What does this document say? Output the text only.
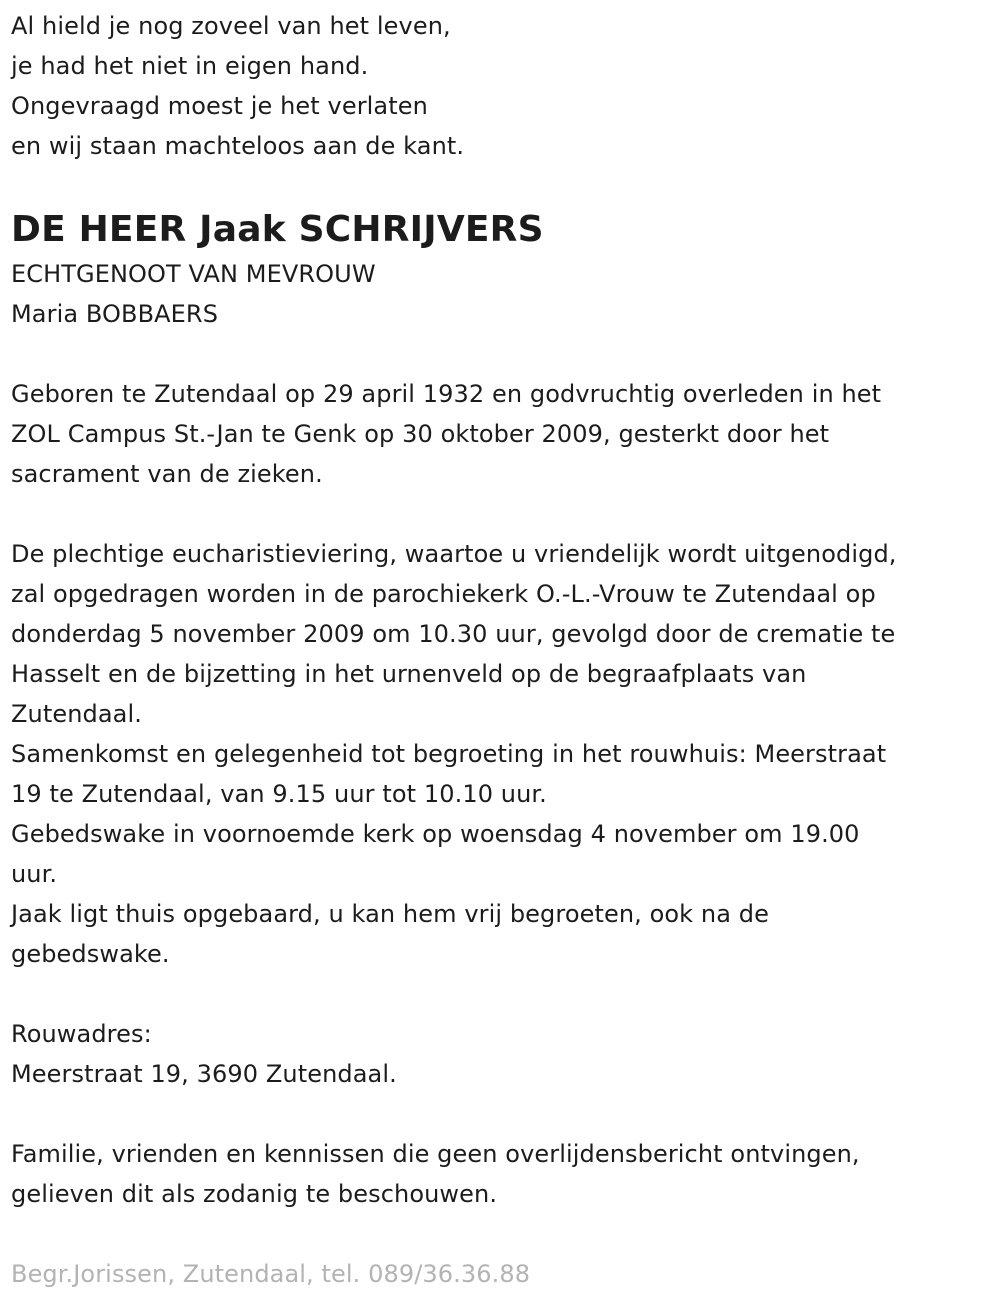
Al hield je nog zoveel van het leven,
je had het niet in eigen hand.
Ongevraagd moest je het verlaten
en wij staan machteloos aan de kant.
DE HEER Jaak SCHRIJVERS
ECHTGENOOT VAN MEVROUW
Maria BOBBAERS
Geboren te Zutendaal op 29 april 1932 en godvruchtig overleden in het
ZOL Campus St.-Jan te Genk op 30 oktober 2009, gesterkt door het
sacrament van de zieken.
De plechtige eucharistieviering, waartoe u vriendelijk wordt uitgenodigd,
zal opgedragen worden in de parochiekerk O.-L.-Vrouw te Zutendaal op
donderdag 5 november 2009 om 10.30 uur, gevolgd door de crematie te
Hasselt en de bijzetting in het urnenveld op de begraafplaats van
Zutendaal.
Samenkomst en gelegenheid tot begroeting in het rouwhuis: Meerstraat
19 te Zutendaal, van 9.15 uur tot 10.10 uur.
Gebedswake in voornoemde kerk op woensdag 4 november om 19.00
uur.
Jaak ligt thuis opgebaard, u kan hem vrij begroeten, ook na de
gebedswake.
Rouwadres:
Meerstraat 19, 3690 Zutendaal.
Familie, vrienden en kennissen die geen overlijdensbericht ontvingen,
gelieven dit als zodanig te beschouwen.
Begr.Jorissen, Zutendaal, tel. 089/36.36.88
